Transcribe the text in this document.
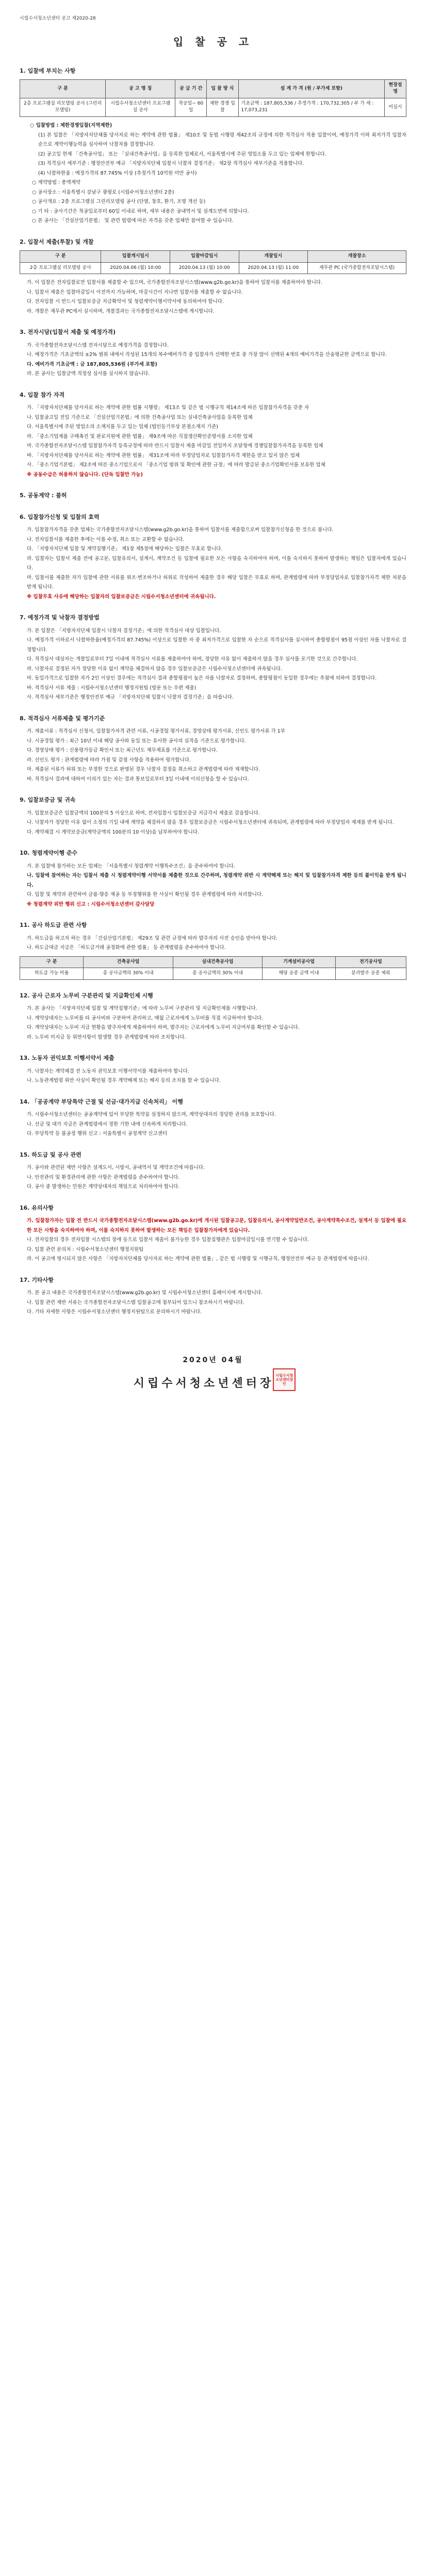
시립수서청소년센터 공고 제2020-28
입 찰 공 고
1. 입찰에 부치는 사항
구 분	공 고 명 칭	공 급 기 간	입 찰 방 식	설 계 가 격 (원 / 부가세 포함)	현장설명
2층 프로그램실 리모델링 공사 (그린리모델링)	시립수서청소년센터 프로그램실 공사	착공일~ 60일	제한 경쟁 입찰	기초금액 : 187,805,536 / 추정가격 : 170,732,305 / 부 가 세 : 17,073,231	미실시

○ 입찰방법 : 제한경쟁입찰(지역제한)

(1) 본 입찰은 「지방자치단체를 당사자로 하는 계약에 관한 법률」 제10조 및 동법 시행령 제42조의 규정에 의한 적격심사 적용 입찰이며, 예정가격 이하 최저가격 입찰자 순으로 계약이행능력을 심사하여 낙찰자를 결정합니다.

(2) 공고일 현재 「건축공사업」 또는 「실내건축공사업」을 등록한 업체로서, 서울특별시에 주된 영업소를 두고 있는 업체에 한합니다.

(3) 적격심사 세부기준 : 행정안전부 예규 「지방자치단체 입찰시 낙찰자 결정기준」 제2장 적격심사 세부기준을 적용합니다.

(4) 낙찰하한율 : 예정가격의 87.745% 이상 (추정가격 10억원 미만 공사)

○ 계약방법 : 총액계약

○ 공사장소 : 서울특별시 강남구 광평로 (시립수서청소년센터 2층)

○ 공사개요 : 2층 프로그램실 그린리모델링 공사 (단열, 창호, 환기, 조명 개선 등)

○ 기 타 : 공사기간은 착공일로부터 60일 이내로 하며, 세부 내용은 공내역서 및 설계도면에 의합니다.

○ 본 공사는 「건설산업기본법」 및 관련 법령에 따른 자격을 갖춘 업체만 참여할 수 있습니다.

2. 입찰서 제출(투찰) 및 개찰
구 분	입찰개시일시	입찰마감일시	개찰일시	개찰장소
2층 프로그램실 리모델링 공사	2020.04.06 (월) 10:00	2020.04.13 (월) 10:00	2020.04.13 (월) 11:00	재무관 PC (국가종합전자조달시스템)

가. 이 입찰은 전자입찰로만 입찰서를 제출할 수 있으며, 국가종합전자조달시스템(www.g2b.go.kr)을 통하여 입찰서를 제출하여야 합니다.

나. 입찰서 제출은 입찰마감일시 이전까지 가능하며, 마감시간이 지나면 입찰서를 제출할 수 없습니다.

다. 전자입찰 시 반드시 입찰보증금 지급확약서 및 청렴계약이행서약서에 동의하여야 합니다.

라. 개찰은 재무관 PC에서 실시하며, 개찰결과는 국가종합전자조달시스템에 게시합니다.

3. 전자시담(입찰서 제출 및 예정가격)

가. 국가종합전자조달시스템 전자시담으로 예정가격을 결정합니다.

나. 예정가격은 기초금액의 ±2% 범위 내에서 작성된 15개의 복수예비가격 중 입찰자가 선택한 번호 중 가장 많이 선택된 4개의 예비가격을 산술평균한 금액으로 합니다.

다. 예비가격 기초금액 : 금 187,805,536원 (부가세 포함)

라. 본 공사는 입찰금액 적정성 심사를 실시하지 않습니다.

4. 입찰 참가 자격

가. 「지방자치단체를 당사자로 하는 계약에 관한 법률 시행령」 제13조 및 같은 법 시행규칙 제14조에 따른 입찰참가자격을 갖춘 자

나. 입찰공고일 전일 기준으로 「건설산업기본법」에 의한 건축공사업 또는 실내건축공사업을 등록한 업체

다. 서울특별시에 주된 영업소의 소재지를 두고 있는 업체 (법인등기부상 본점소재지 기준)

라. 「중소기업제품 구매촉진 및 판로지원에 관한 법률」 제9조에 따른 직접생산확인증명서를 소지한 업체

마. 국가종합전자조달시스템 입찰참가자격 등록규정에 따라 반드시 입찰서 제출 마감일 전일까지 조달청에 경쟁입찰참가자격을 등록한 업체

바. 「지방자치단체를 당사자로 하는 계약에 관한 법률」 제31조에 따라 부정당업자로 입찰참가자격 제한을 받고 있지 않은 업체

사. 「중소기업기본법」 제2조에 따른 중소기업으로서 「중소기업 범위 및 확인에 관한 규정」에 따라 발급된 중소기업확인서를 보유한 업체

※ 공동수급은 허용하지 않습니다. (단독 입찰만 가능)

5. 공동계약 : 불허
6. 입찰참가신청 및 입찰의 효력

가. 입찰참가자격을 갖춘 업체는 국가종합전자조달시스템(www.g2b.go.kr)을 통하여 입찰서를 제출함으로써 입찰참가신청을 한 것으로 봅니다.

나. 전자입찰서를 제출한 후에는 이를 수정, 취소 또는 교환할 수 없습니다.

다. 「지방자치단체 입찰 및 계약집행기준」 제1장 제5절에 해당하는 입찰은 무효로 합니다.

라. 입찰자는 입찰서 제출 전에 공고문, 입찰유의서, 설계서, 계약조건 등 입찰에 필요한 모든 사항을 숙지하여야 하며, 이를 숙지하지 못하여 발생하는 책임은 입찰자에게 있습니다.

마. 입찰서를 제출한 자가 입찰에 관한 서류를 위조·변조하거나 허위로 작성하여 제출한 경우 해당 입찰은 무효로 하며, 관계법령에 따라 부정당업자로 입찰참가자격 제한 처분을 받게 됩니다.

※ 입찰무효 사유에 해당하는 입찰자의 입찰보증금은 시립수서청소년센터에 귀속됩니다.

7. 예정가격 및 낙찰자 결정방법

가. 본 입찰은 「지방자치단체 입찰시 낙찰자 결정기준」에 의한 적격심사 대상 입찰입니다.

나. 예정가격 이하로서 낙찰하한율(예정가격의 87.745%) 이상으로 입찰한 자 중 최저가격으로 입찰한 자 순으로 적격심사를 실시하여 종합평점이 95점 이상인 자를 낙찰자로 결정합니다.

다. 적격심사 대상자는 개찰일로부터 7일 이내에 적격심사 서류를 제출하여야 하며, 정당한 사유 없이 제출하지 않을 경우 심사를 포기한 것으로 간주합니다.

라. 낙찰자로 결정된 자가 정당한 이유 없이 계약을 체결하지 않을 경우 입찰보증금은 시립수서청소년센터에 귀속됩니다.

마. 동일가격으로 입찰한 자가 2인 이상인 경우에는 적격심사 결과 종합평점이 높은 자를 낙찰자로 결정하며, 종합평점이 동일한 경우에는 추첨에 의하여 결정합니다.

바. 적격심사 서류 제출 : 시립수서청소년센터 행정지원팀 (방문 또는 우편 제출)

사. 적격심사 세부기준은 행정안전부 예규 「지방자치단체 입찰시 낙찰자 결정기준」을 따릅니다.

8. 적격심사 서류제출 및 평가기준

가. 제출서류 : 적격심사 신청서, 입찰참가자격 관련 서류, 시공경험 평가서류, 경영상태 평가서류, 신인도 평가서류 각 1부

나. 시공경험 평가 : 최근 10년 이내 해당 공사와 동일 또는 유사한 공사의 실적을 기준으로 평가합니다.

다. 경영상태 평가 : 신용평가등급 확인서 또는 최근년도 재무제표를 기준으로 평가합니다.

라. 신인도 평가 : 관계법령에 따라 가점 및 감점 사항을 적용하여 평가합니다.

마. 제출된 서류가 허위 또는 부정한 것으로 판명된 경우 낙찰자 결정을 취소하고 관계법령에 따라 제재합니다.

바. 적격심사 결과에 대하여 이의가 있는 자는 결과 통보일로부터 3일 이내에 이의신청을 할 수 있습니다.

9. 입찰보증금 및 귀속

가. 입찰보증금은 입찰금액의 100분의 5 이상으로 하며, 전자입찰시 입찰보증금 지급각서 제출로 갈음합니다.

나. 낙찰자가 정당한 이유 없이 소정의 기일 내에 계약을 체결하지 않을 경우 입찰보증금은 시립수서청소년센터에 귀속되며, 관계법령에 따라 부정당업자 제재를 받게 됩니다.

다. 계약체결 시 계약보증금(계약금액의 100분의 10 이상)을 납부하여야 합니다.

10. 청렴계약이행 준수

가. 본 입찰에 참가하는 모든 업체는 「서울특별시 청렴계약 이행특수조건」을 준수하여야 합니다.

나. 입찰에 참여하는 자는 입찰서 제출 시 청렴계약이행 서약서를 제출한 것으로 간주하며, 청렴계약 위반 시 계약해제 또는 해지 및 입찰참가자격 제한 등의 불이익을 받게 됩니다.

다. 입찰 및 계약과 관련하여 금품·향응 제공 등 부정행위를 한 사실이 확인될 경우 관계법령에 따라 처리합니다.

※ 청렴계약 위반 행위 신고 : 시립수서청소년센터 감사담당

11. 공사 하도급 관련 사항

가. 하도급을 하고자 하는 경우 「건설산업기본법」 제29조 및 관련 규정에 따라 발주자의 사전 승인을 받아야 합니다.

나. 하도급대금 지급은 「하도급거래 공정화에 관한 법률」 등 관계법령을 준수하여야 합니다.

구 분	건축공사업	실내건축공사업	기계설비공사업	전기공사업
하도급 가능 비율	총 공사금액의 30% 이내	총 공사금액의 30% 이내	해당 공종 금액 이내	분리발주 공종 제외
12. 공사 근로자 노무비 구분관리 및 지급확인제 시행

가. 본 공사는 「지방자치단체 입찰 및 계약집행기준」에 따라 노무비 구분관리 및 지급확인제를 시행합니다.

나. 계약상대자는 노무비를 타 공사비와 구분하여 관리하고, 매월 근로자에게 노무비를 직접 지급하여야 합니다.

다. 계약상대자는 노무비 지급 현황을 발주자에게 제출하여야 하며, 발주자는 근로자에게 노무비 지급여부를 확인할 수 있습니다.

라. 노무비 미지급 등 위반사항이 발생할 경우 관계법령에 따라 조치합니다.

13. 노동자 권익보호 이행서약서 제출

가. 낙찰자는 계약체결 전 노동자 권익보호 이행서약서를 제출하여야 합니다.

나. 노동관계법령 위반 사실이 확인될 경우 계약해제 또는 해지 등의 조치를 할 수 있습니다.

14. 「공공계약 부당특약 근절 및 선금·대가지급 신속처리」 이행

가. 시립수서청소년센터는 공공계약에 있어 부당한 특약을 설정하지 않으며, 계약상대자의 정당한 권리를 보호합니다.

나. 선금 및 대가 지급은 관계법령에서 정한 기한 내에 신속하게 처리합니다.

다. 부당특약 등 불공정 행위 신고 : 서울특별시 공정계약 신고센터

15. 하도급 및 공사 관련

가. 공사와 관련된 제반 사항은 설계도서, 시방서, 공내역서 및 계약조건에 따릅니다.

나. 안전관리 및 환경관리에 관한 사항은 관계법령을 준수하여야 합니다.

다. 공사 중 발생하는 민원은 계약상대자의 책임으로 처리하여야 합니다.

16. 유의사항

가. 입찰참가자는 입찰 전 반드시 국가종합전자조달시스템(www.g2b.go.kr)에 게시된 입찰공고문, 입찰유의서, 공사계약일반조건, 공사계약특수조건, 설계서 등 입찰에 필요한 모든 사항을 숙지하여야 하며, 이를 숙지하지 못하여 발생하는 모든 책임은 입찰참가자에게 있습니다.

나. 전자입찰의 경우 전자입찰 시스템의 장애 등으로 입찰서 제출이 불가능한 경우 입찰집행관은 입찰마감일시를 연기할 수 있습니다.

다. 입찰 관련 문의처 : 시립수서청소년센터 행정지원팀

라. 이 공고에 명시되지 않은 사항은 「지방자치단체를 당사자로 하는 계약에 관한 법률」, 같은 법 시행령 및 시행규칙, 행정안전부 예규 등 관계법령에 따릅니다.

17. 기타사항

가. 본 공고 내용은 국가종합전자조달시스템(www.g2b.go.kr) 및 시립수서청소년센터 홈페이지에 게시합니다.

나. 입찰 관련 제반 서류는 국가종합전자조달시스템 입찰공고에 첨부되어 있으니 참조하시기 바랍니다.

다. 기타 자세한 사항은 시립수서청소년센터 행정지원팀으로 문의하시기 바랍니다.

2020년 04월
시립수서청소년센터장
시립수서청소년센터장인
